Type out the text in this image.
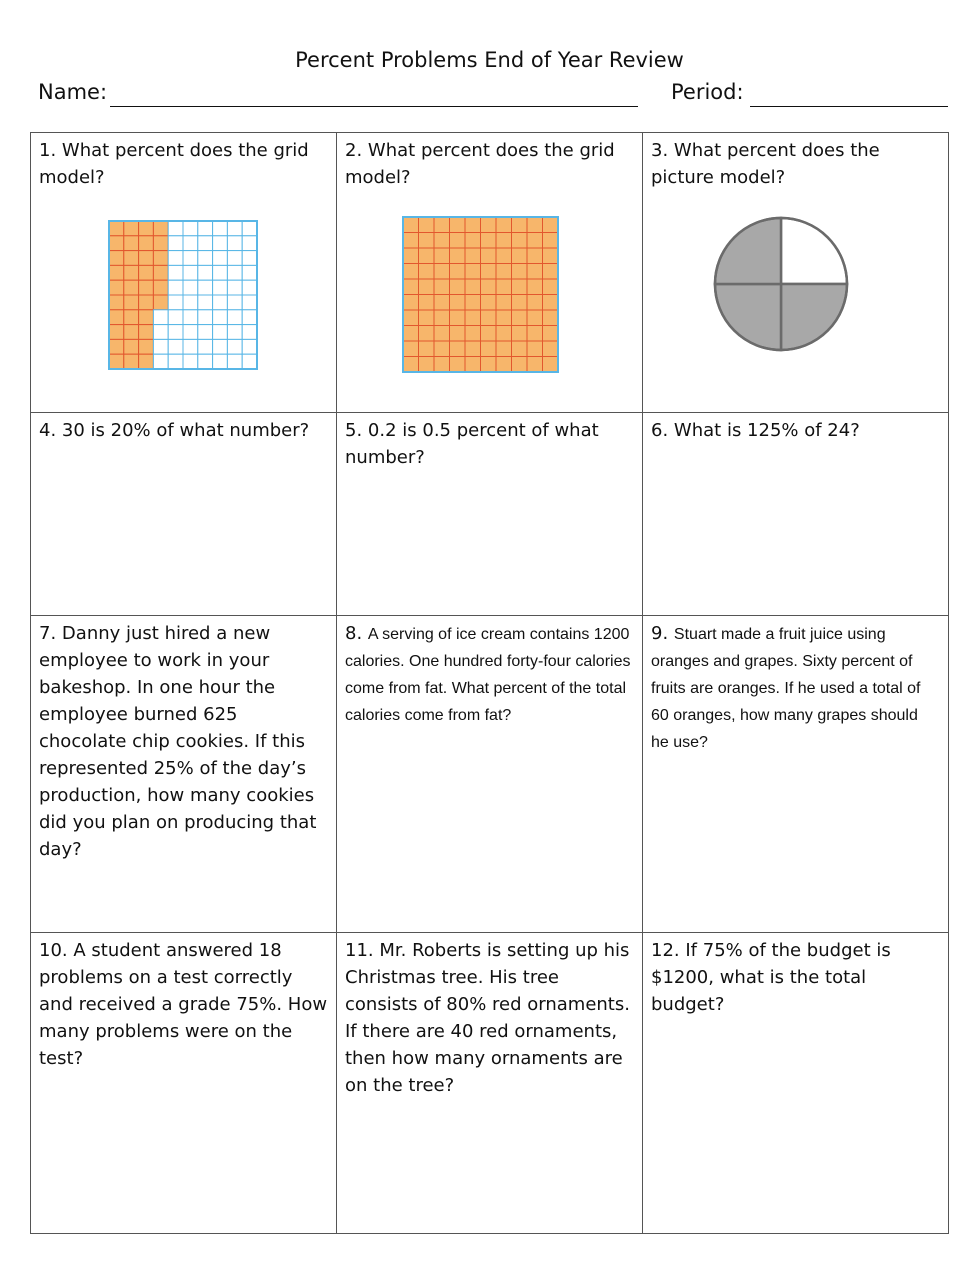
Percent Problems End of Year Review
Name:	Period:
1. What percent does the grid model?	2. What percent does the grid model?	3. What percent does the picture model?

4. 30 is 20% of what number?	5. 0.2 is 0.5 percent of what number?	6. What is 125% of 24?
7. Danny just hired a new employee to work in your bakeshop. In one hour the employee burned 625 chocolate chip cookies. If this represented 25% of the day’s production, how many cookies did you plan on producing that day?	8. A serving of ice cream contains 1200 calories. One hundred forty-four calories come from fat. What percent of the total calories come from fat?	9. Stuart made a fruit juice using oranges and grapes. Sixty percent of fruits are oranges. If he used a total of 60 oranges, how many grapes should he use?
10. A student answered 18 problems on a test correctly and received a grade 75%. How many problems were on the test?	11. Mr. Roberts is setting up his Christmas tree. His tree consists of 80% red ornaments. If there are 40 red ornaments, then how many ornaments are on the tree?	12. If 75% of the budget is $1200, what is the total budget?
